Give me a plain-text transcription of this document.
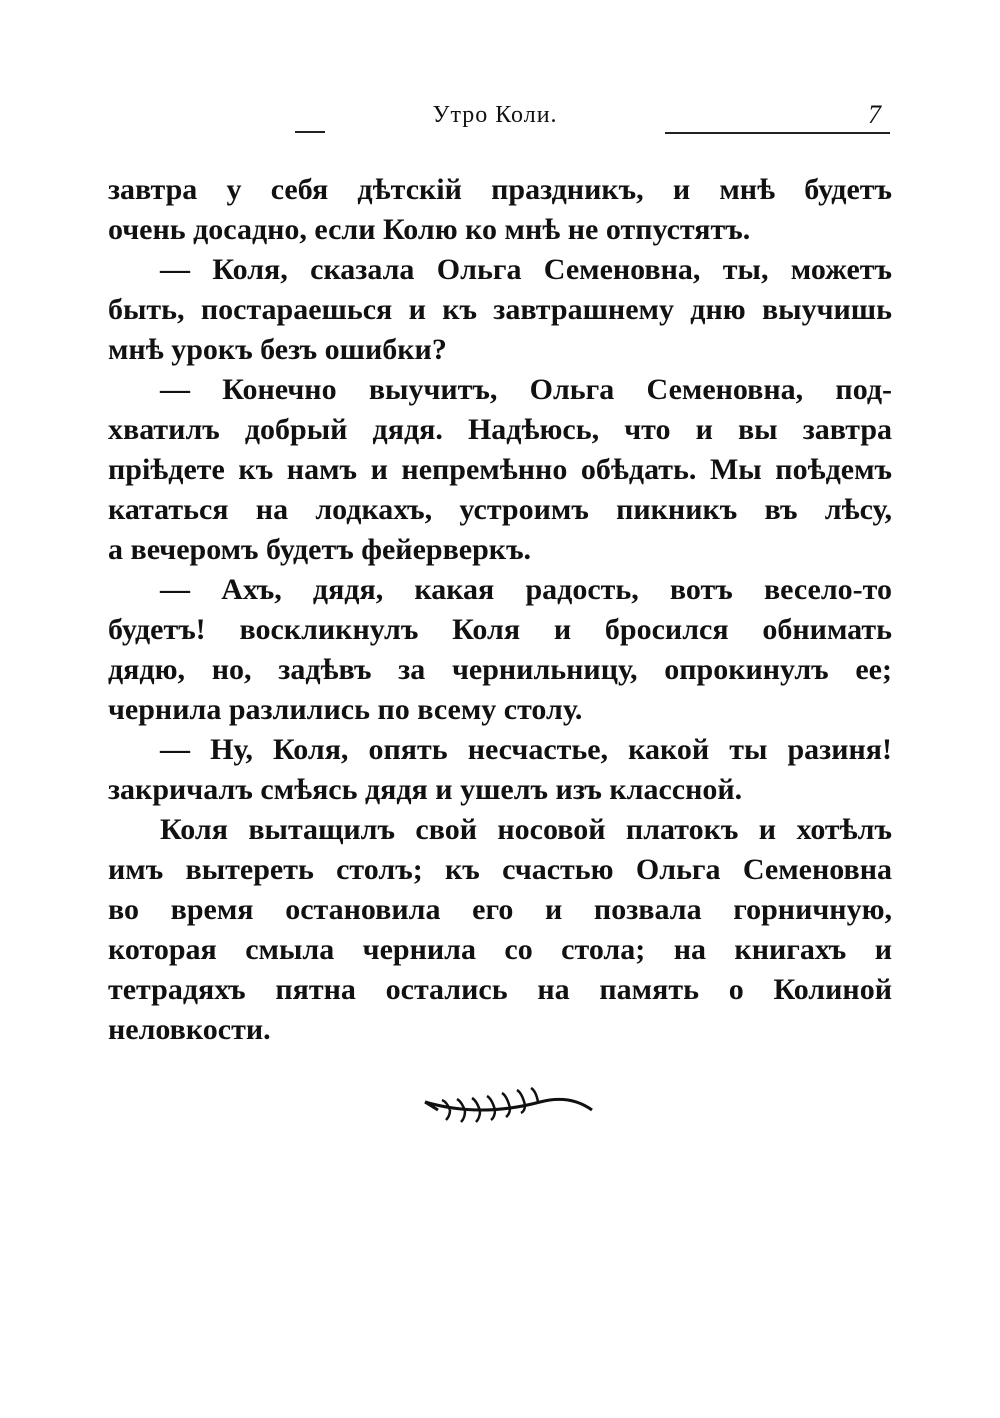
Утро Коли.	7
завтра у себя дѣтскій праздникъ, и мнѣ будетъ
очень досадно, если Колю ко мнѣ не отпустятъ.
— Коля, сказала Ольга Семеновна, ты, можетъ
быть, постараешься и къ завтрашнему дню выучишь
мнѣ урокъ безъ ошибки?
— Конечно выучитъ, Ольга Семеновна, под-
хватилъ добрый дядя. Надѣюсь, что и вы завтра
пріѣдете къ намъ и непремѣнно обѣдать. Мы поѣдемъ
кататься на лодкахъ, устроимъ пикникъ въ лѣсу,
а вечеромъ будетъ фейерверкъ.
— Ахъ, дядя, какая радость, вотъ весело-то
будетъ! воскликнулъ Коля и бросился обнимать
дядю, но, задѣвъ за чернильницу, опрокинулъ ее;
чернила разлились по всему столу.
— Ну, Коля, опять несчастье, какой ты разиня!
закричалъ смѣясь дядя и ушелъ изъ классной.
Коля вытащилъ свой носовой платокъ и хотѣлъ
имъ вытереть столъ; къ счастью Ольга Семеновна
во время остановила его и позвала горничную,
которая смыла чернила со стола; на книгахъ и
тетрадяхъ пятна остались на память о Колиной
неловкости.
